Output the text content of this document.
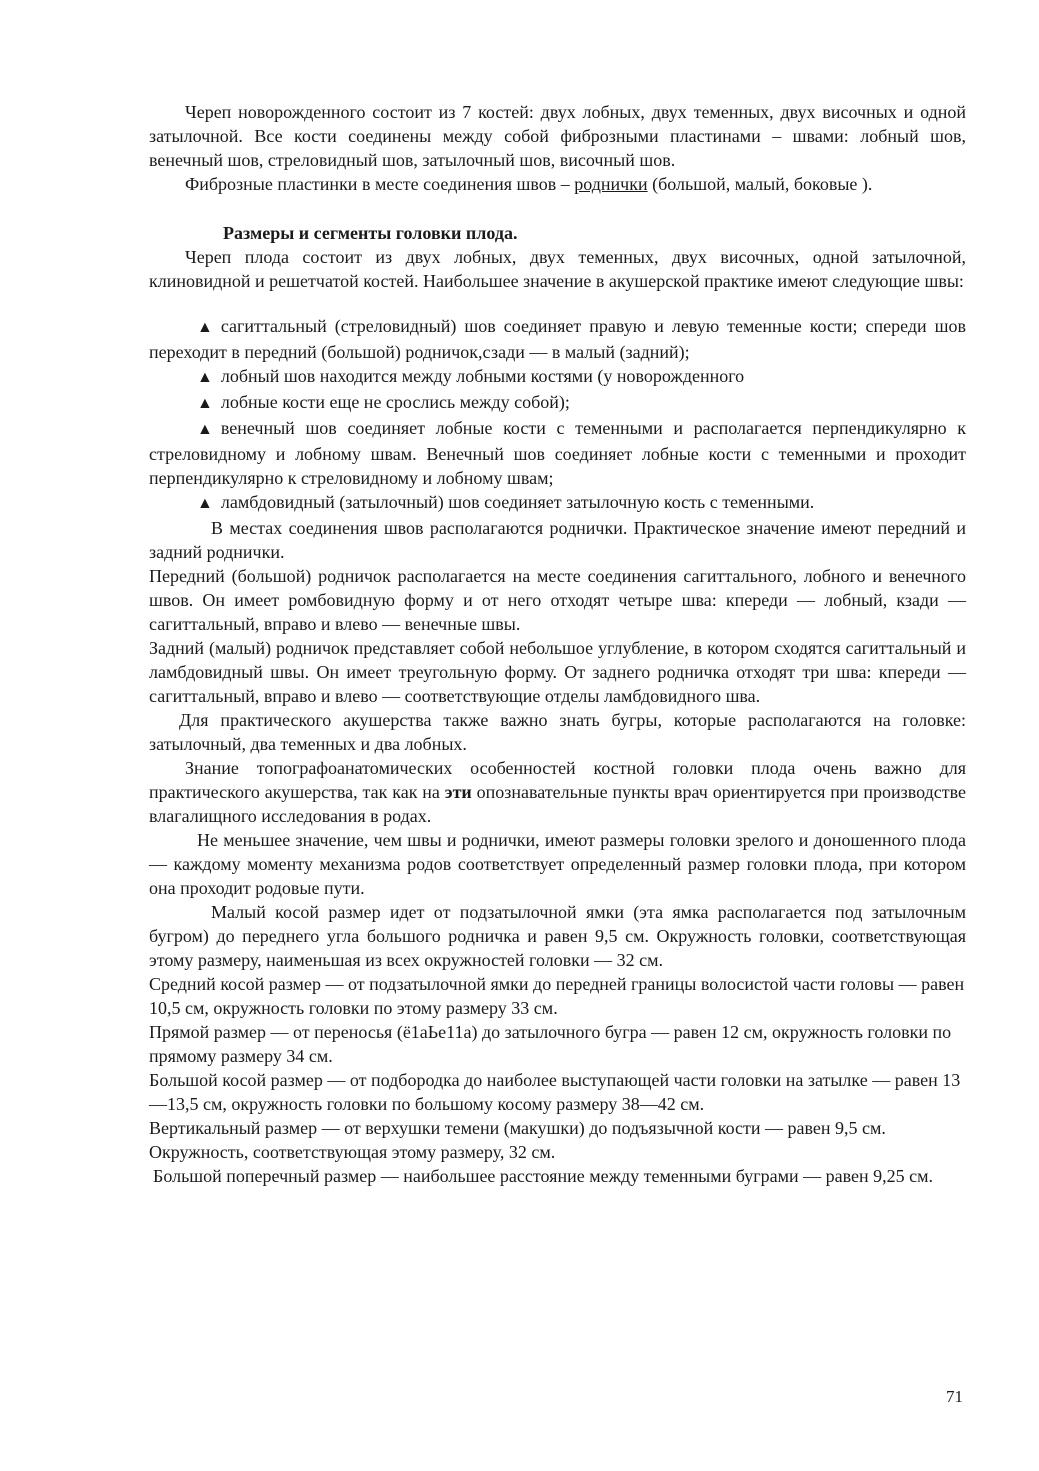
Череп новорожденного состоит из 7 костей: двух лобных, двух теменных, двух височных и одной затылочной. Все кости соединены между собой фиброзными пластинами – швами: лобный шов, венечный шов, стреловидный шов, затылочный шов, височный шов.

Фиброзные пластинки в месте соединения швов – роднички (большой, малый, боковые ).

Размеры и сегменты головки плода.

Череп плода состоит из двух лобных, двух теменных, двух височных, одной затылочной, клиновидной и решетчатой костей. Наибольшее значение в акушерской практике имеют следующие швы:

▲ сагиттальный (стреловидный) шов соединяет правую и левую теменные кости; спереди шов переходит в передний (большой) родничок,сзади — в малый (задний);

▲ лобный шов находится между лобными костями (у новорожденного

▲ лобные кости еще не срослись между собой);

▲ венечный шов соединяет лобные кости с теменными и располагается перпендикулярно к стреловидному и лобному швам. Венечный шов соединяет лобные кости с теменными и проходит перпендикулярно к стреловидному и лобному швам;

▲ ламбдовидный (затылочный) шов соединяет затылочную кость с теменными.

В местах соединения швов располагаются роднички. Практическое значение имеют передний и задний роднички.

Передний (большой) родничок располагается на месте соединения сагиттального, лобного и венечного швов. Он имеет ромбовидную форму и от него отходят четыре шва: кпереди — лобный, кзади — сагиттальный, вправо и влево — венечные швы.

Задний (малый) родничок представляет собой небольшое углубление, в котором сходятся сагиттальный и ламбдовидный швы. Он имеет треугольную форму. От заднего родничка отходят три шва: кпереди — сагиттальный, вправо и влево — соответствующие отделы ламбдовидного шва.

Для практического акушерства также важно знать бугры, которые располагаются на головке: затылочный, два теменных и два лобных.

Знание топографоанатомических особенностей костной головки плода очень важно для практического акушерства, так как на эти опознавательные пункты врач ориентируется при производстве влагалищного исследования в родах.

Не меньшее значение, чем швы и роднички, имеют размеры головки зрелого и доношенного плода — каждому моменту механизма родов соответствует определенный размер головки плода, при котором она проходит родовые пути.

Малый косой размер идет от подзатылочной ямки (эта ямка располагается под затылочным бугром) до переднего угла большого родничка и равен 9,5 см. Окружность головки, соответствующая этому размеру, наименьшая из всех окружностей головки — 32 см.

Средний косой размер — от подзатылочной ямки до передней границы волосистой части головы — равен 10,5 см, окружность головки по этому размеру 33 см.

Прямой размер — от переносья (ё1аЬе11а) до затылочного бугра — равен 12 см, окружность головки по прямому размеру 34 см.

Большой косой размер — от подбородка до наиболее выступающей части головки на затылке — равен 13—13,5 см, окружность головки по большому косому размеру 38—42 см.

Вертикальный размер — от верхушки темени (макушки) до подъязычной кости — равен 9,5 см. Окружность, соответствующая этому размеру, 32 см.

Большой поперечный размер — наибольшее расстояние между теменными буграми — равен 9,25 см.

71
